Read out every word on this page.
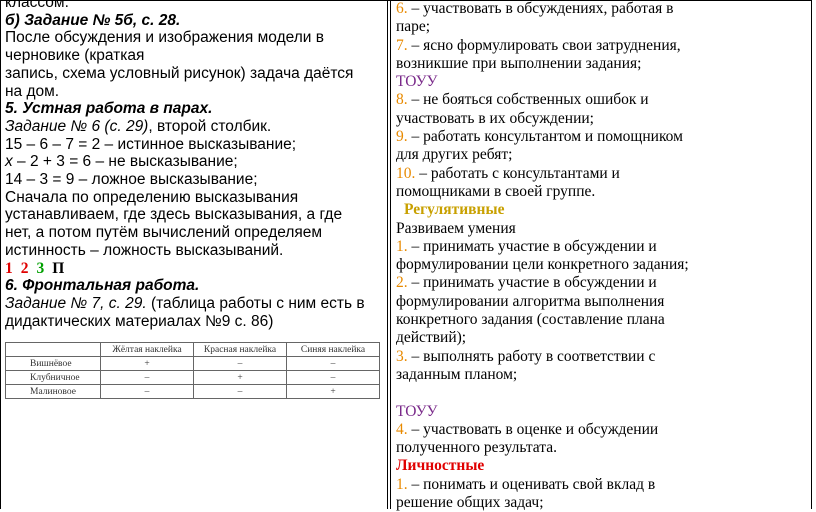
классом.
б) Задание № 5б, с. 28.
После обсуждения и изображения модели в
черновике (краткая
запись, схема условный рисунок) задача даётся
на дом.
5. Устная работа в парах.
Задание № 6 (с. 29), второй столбик.
15 – 6 – 7 = 2 – истинное высказывание;
х – 2 + 3 = 6 – не высказывание;
14 – 3 = 9 – ложное высказывание;
Сначала по определению высказывания
устанавливаем, где здесь высказывания, а где
нет, а потом путём вычислений определяем
истинность – ложность высказываний.
1 2 3 П
6. Фронтальная работа.
Задание № 7, с. 29. (таблица работы с ним есть в
дидактических материалах №9 с. 86)
	Жёлтая наклейка	Красная наклейка	Синяя наклейка
Вишнёвое	+	–	–
Клубничное	–	+	–
Малиновое	–	–	+
6. – участвовать в обсуждениях, работая в
паре;
7. – ясно формулировать свои затруднения,
возникшие при выполнении задания;
ТОУУ
8. – не бояться собственных ошибок и
участвовать в их обсуждении;
9. – работать консультантом и помощником
для других ребят;
10. – работать с консультантами и
помощниками в своей группе.
Регулятивные
Развиваем умения
1. – принимать участие в обсуждении и
формулировании цели конкретного задания;
2. – принимать участие в обсуждении и
формулировании алгоритма выполнения
конкретного задания (составление плана
действий);
3. – выполнять работу в соответствии с
заданным планом;
ТОУУ
4. – участвовать в оценке и обсуждении
полученного результата.
Личностные
1. – понимать и оценивать свой вклад в
решение общих задач;
